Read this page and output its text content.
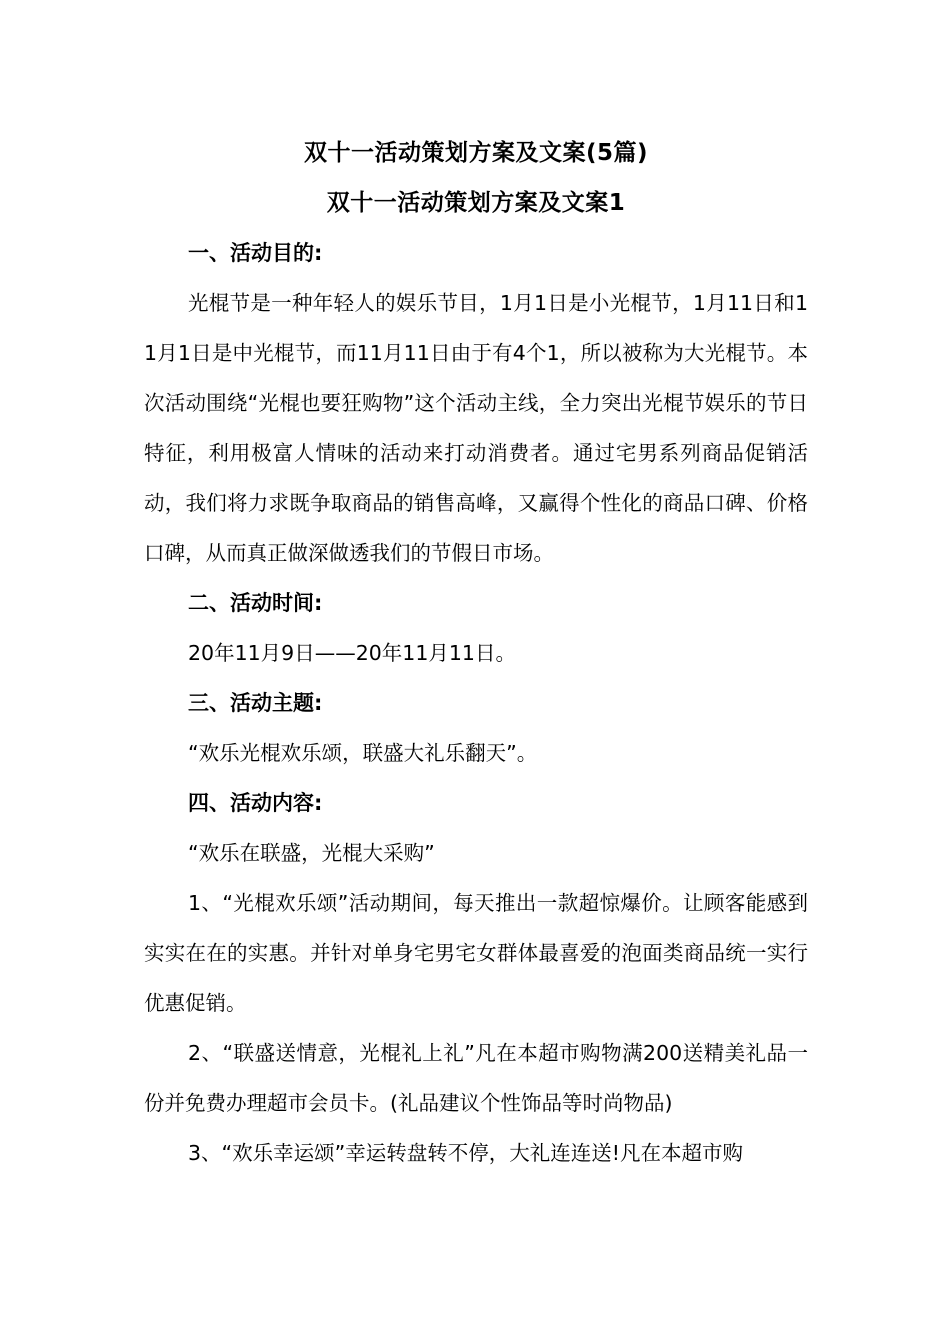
双十一活动策划方案及文案(5篇)
双十一活动策划方案及文案1
一、活动目的:

光棍节是一种年轻人的娱乐节目，1月1日是小光棍节，1月11日和11月1日是中光棍节，而11月11日由于有4个1，所以被称为大光棍节。本次活动围绕“光棍也要狂购物”这个活动主线，全力突出光棍节娱乐的节日特征，利用极富人情味的活动来打动消费者。通过宅男系列商品促销活动，我们将力求既争取商品的销售高峰，又赢得个性化的商品口碑、价格口碑，从而真正做深做透我们的节假日市场。

二、活动时间:

20年11月9日——20年11月11日。

三、活动主题:

“欢乐光棍欢乐颂，联盛大礼乐翻天”。

四、活动内容:

“欢乐在联盛，光棍大采购”

1、“光棍欢乐颂”活动期间，每天推出一款超惊爆价。让顾客能感到实实在在的实惠。并针对单身宅男宅女群体最喜爱的泡面类商品统一实行优惠促销。

2、“联盛送情意，光棍礼上礼”凡在本超市购物满200送精美礼品一份并免费办理超市会员卡。(礼品建议个性饰品等时尚物品)

3、“欢乐幸运颂”幸运转盘转不停，大礼连连送!凡在本超市购
